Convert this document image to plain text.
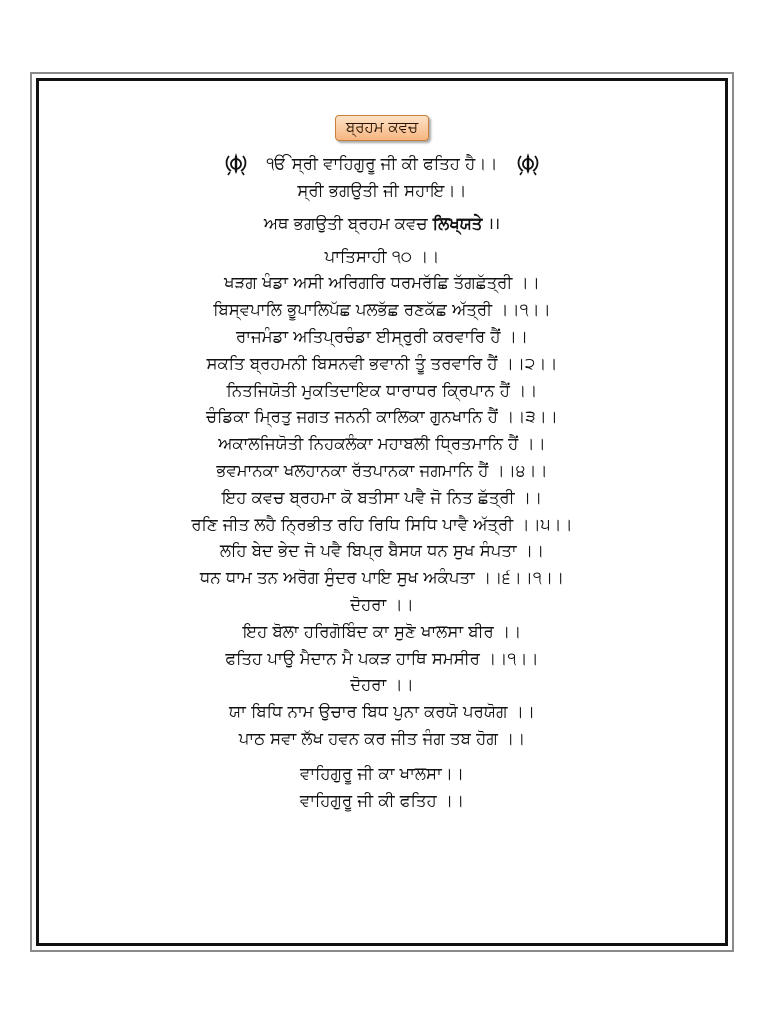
ਬ੍ਰਹਮ ਕਵਚ
ੴ ਸ੍ਰੀ ਵਾਹਿਗੁਰੂ ਜੀ ਕੀ ਫਤਿਹ ਹੈ।।
ਸ੍ਰੀ ਭਗਉਤੀ ਜੀ ਸਹਾਇ।।
ਅਥ ਭਗਉਤੀ ਬ੍ਰਹਮ ਕਵਚ ਲਿਖ੍ਯਤੇ ।।
ਪਾਤਿਸਾਹੀ ੧੦ ।।
ਖੜਗ ਖੰਡਾ ਅਸੀ ਅਰਿਗਰਿ ਧਰਮਰੱਛਿ ਤੱਗਛੱਤ੍ਰੀ ।।
ਬਿਸ੍ਵਪਾਲਿ ਭੂਪਾਲਿਪੱਛ ਪਲਭੱਛ ਰਣਕੱਛ ਅੱਤ੍ਰੀ ।।੧।।
ਰਾਜਮੰਡਾ ਅਤਿਪ੍ਰਚੰਡਾ ਈਸ੍ਰੁਰੀ ਕਰਵਾਰਿ ਹੈਂ ।।
ਸਕਤਿ ਬ੍ਰਹਮਨੀ ਬਿਸਨਵੀ ਭਵਾਨੀ ਤੂੰ ਤਰਵਾਰਿ ਹੈਂ ।।੨।।
ਨਿਤਜਿਯੋਤੀ ਮੁਕਤਿਦਾਇਕ ਧਾਰਾਧਰ ਕ੍ਰਿਪਾਨ ਹੈਂ ।।
ਚੰਡਿਕਾ ਮ੍ਰਿਤੁ ਜਗਤ ਜਨਨੀ ਕਾਲਿਕਾ ਗੁਨਖਾਨਿ ਹੈਂ ।।੩।।
ਅਕਾਲਜਿਯੋਤੀ ਨਿਹਕਲੰਕਾ ਮਹਾਬਲੀ ਧ੍ਰਿਤਮਾਨਿ ਹੈਂ ।।
ਭਵਮਾਨਕਾ ਖਲਹਾਨਕਾ ਰੱਤਪਾਨਕਾ ਜਗਮਾਨਿ ਹੈਂ ।।੪।।
ਇਹ ਕਵਚ ਬ੍ਰਹਮਾ ਕੋ ਬਤੀਸਾ ਪਵੈ ਜੋ ਨਿਤ ਛੱਤ੍ਰੀ ।।
ਰਣਿ ਜੀਤ ਲਹੈ ਨ੍ਰਿਭੀਤ ਰਹਿ ਰਿਧਿ ਸਿਧਿ ਪਾਵੈ ਅੱਤ੍ਰੀ ।।੫।।
ਲਹਿ ਬੇਦ ਭੇਦ ਜੋ ਪਵੈ ਬਿਪ੍ਰ ਬੈਸਯ ਧਨ ਸੁਖ ਸੰਪਤਾ ।।
ਧਨ ਧਾਮ ਤਨ ਅਰੋਗ ਸੁੰਦਰ ਪਾਇ ਸੁਖ ਅਕੰਪਤਾ ।।੬।।੧।।
ਦੋਹਰਾ ।।
ਇਹ ਬੋਲਾ ਹਰਿਗੋਬਿੰਦ ਕਾ ਸੁਣੋ ਖਾਲਸਾ ਬੀਰ ।।
ਫਤਿਹ ਪਾਉ ਮੈਦਾਨ ਮੈ ਪਕੜ ਹਾਥਿ ਸਮਸੀਰ ।।੧।।
ਦੋਹਰਾ ।।
ਯਾ ਬਿਧਿ ਨਾਮ ਉਚਾਰ ਬਿਧ ਪੁਨਾ ਕਰਯੋ ਪਰਯੋਗ ।।
ਪਾਠ ਸਵਾ ਲੱਖ ਹਵਨ ਕਰ ਜੀਤ ਜੰਗ ਤਬ ਹੋਗ ।।
ਵਾਹਿਗੁਰੂ ਜੀ ਕਾ ਖਾਲਸਾ।।
ਵਾਹਿਗੁਰੂ ਜੀ ਕੀ ਫਤਿਹ ।।
